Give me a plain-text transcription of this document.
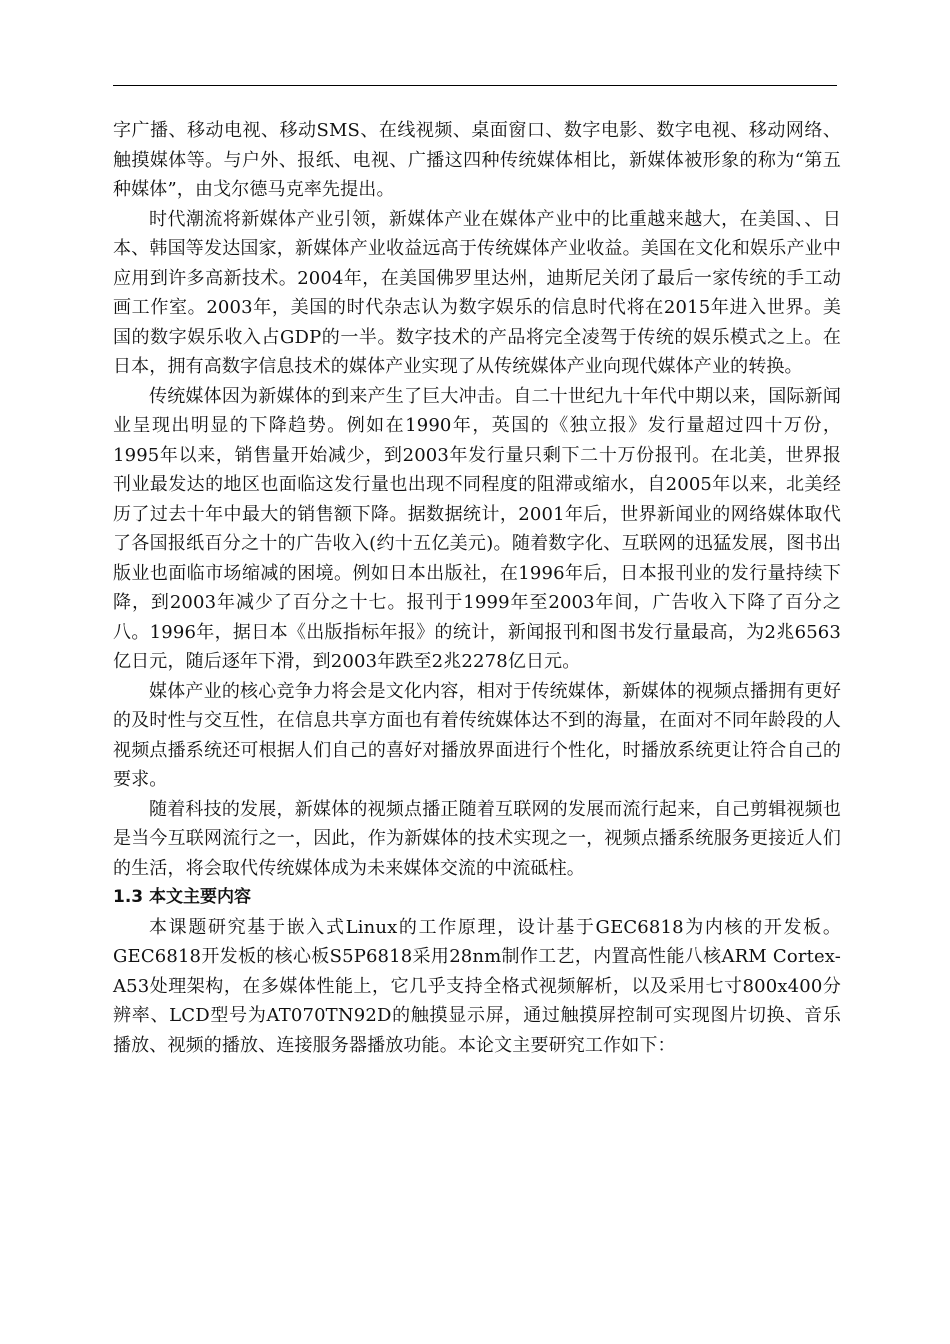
字广播、移动电视、移动SMS、在线视频、桌面窗口、数字电影、数字电视、移动网络、触摸媒体等。与户外、报纸、电视、广播这四种传统媒体相比，新媒体被形象的称为“第五种媒体”，由戈尔德马克率先提出。

时代潮流将新媒体产业引领，新媒体产业在媒体产业中的比重越来越大，在美国、、日本、韩国等发达国家，新媒体产业收益远高于传统媒体产业收益。美国在文化和娱乐产业中应用到许多高新技术。2004年，在美国佛罗里达州，迪斯尼关闭了最后一家传统的手工动画工作室。2003年，美国的时代杂志认为数字娱乐的信息时代将在2015年进入世界。美国的数字娱乐收入占GDP的一半。数字技术的产品将完全凌驾于传统的娱乐模式之上。在日本，拥有高数字信息技术的媒体产业实现了从传统媒体产业向现代媒体产业的转换。

传统媒体因为新媒体的到来产生了巨大冲击。自二十世纪九十年代中期以来，国际新闻业呈现出明显的下降趋势。例如在1990年，英国的《独立报》发行量超过四十万份，1995年以来，销售量开始减少，到2003年发行量只剩下二十万份报刊。在北美，世界报刊业最发达的地区也面临这发行量也出现不同程度的阻滞或缩水，自2005年以来，北美经历了过去十年中最大的销售额下降。据数据统计，2001年后，世界新闻业的网络媒体取代了各国报纸百分之十的广告收入(约十五亿美元)。随着数字化、互联网的迅猛发展，图书出版业也面临市场缩减的困境。例如日本出版社，在1996年后，日本报刊业的发行量持续下降，到2003年减少了百分之十七。报刊于1999年至2003年间，广告收入下降了百分之八。1996年，据日本《出版指标年报》的统计，新闻报刊和图书发行量最高，为2兆6563亿日元，随后逐年下滑，到2003年跌至2兆2278亿日元。

媒体产业的核心竞争力将会是文化内容，相对于传统媒体，新媒体的视频点播拥有更好的及时性与交互性，在信息共享方面也有着传统媒体达不到的海量，在面对不同年龄段的人视频点播系统还可根据人们自己的喜好对播放界面进行个性化，时播放系统更让符合自己的要求。

随着科技的发展，新媒体的视频点播正随着互联网的发展而流行起来，自己剪辑视频也是当今互联网流行之一，因此，作为新媒体的技术实现之一，视频点播系统服务更接近人们的生活，将会取代传统媒体成为未来媒体交流的中流砥柱。

1.3 本文主要内容

本课题研究基于嵌入式Linux的工作原理，设计基于GEC6818为内核的开发板。GEC6818开发板的核心板S5P6818采用28nm制作工艺，内置高性能八核ARM Cortex-A53处理架构，在多媒体性能上，它几乎支持全格式视频解析，以及采用七寸800x400分辨率、LCD型号为AT070TN92D的触摸显示屏，通过触摸屏控制可实现图片切换、音乐播放、视频的播放、连接服务器播放功能。本论文主要研究工作如下：
